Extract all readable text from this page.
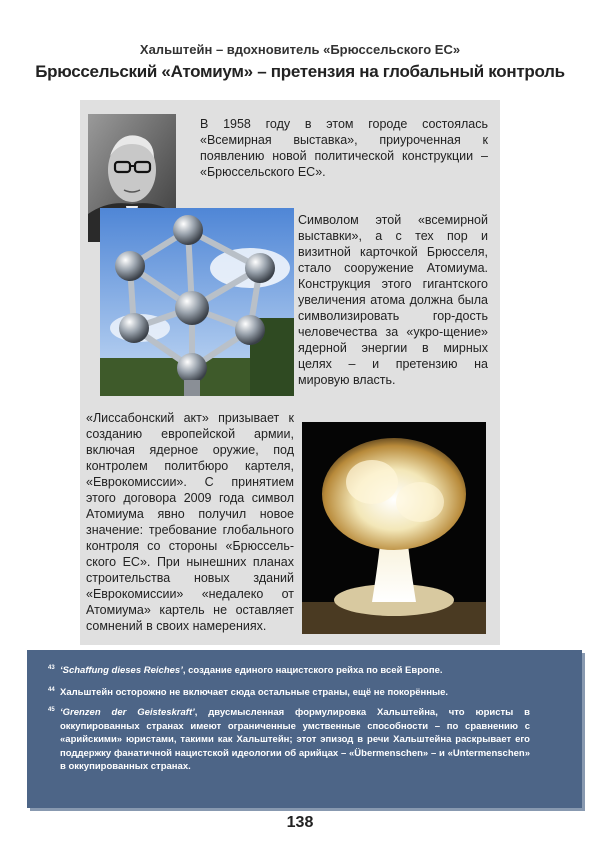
Хальштейн – вдохновитель «Брюссельского ЕС»
Брюссельский «Атомиум» – претензия на глобальный контроль
В 1958 году в этом городе состоялась «Всемирная выставка», приуроченная к появлению новой политической конструкции – «Брюссельского ЕС».
Символом этой «всемирной выставки», а с тех пор и визитной карточкой Брюсселя, стало сооружение Атомиума. Конструкция этого гигантского увеличения атома должна была символизировать гор-дость человечества за «укро-щение» ядерной энергии в мирных целях – и претензию на мировую власть.
«Лиссабонский акт» призывает к созданию европейской армии, включая ядерное оружие, под контролем политбюро картеля, «Еврокомиссии». С принятием этого договора 2009 года символ Атомиума явно получил новое значение: требование глобального контроля со стороны «Брюссель-ского ЕС». При нынешних планах строительства новых зданий «Еврокомиссии» «недалеко от Атомиума» картель не оставляет сомнений в своих намерениях.
43 ‘Schaffung dieses Reiches’, создание единого нацистского рейха по всей Европе.
44 Хальштейн осторожно не включает сюда остальные страны, ещё не покорённые.
45 ‘Grenzen der Geisteskraft’, двусмысленная формулировка Хальштейна, что юристы в оккупированных странах имеют ограниченные умственные способности – по сравнению с «арийскими» юристами, такими как Хальштейн; этот эпизод в речи Хальштейна раскрывает его поддержку фанатичной нацистской идеологии об арийцах – «Übermenschen» – и «Untermenschen» в оккупированных странах.
138
